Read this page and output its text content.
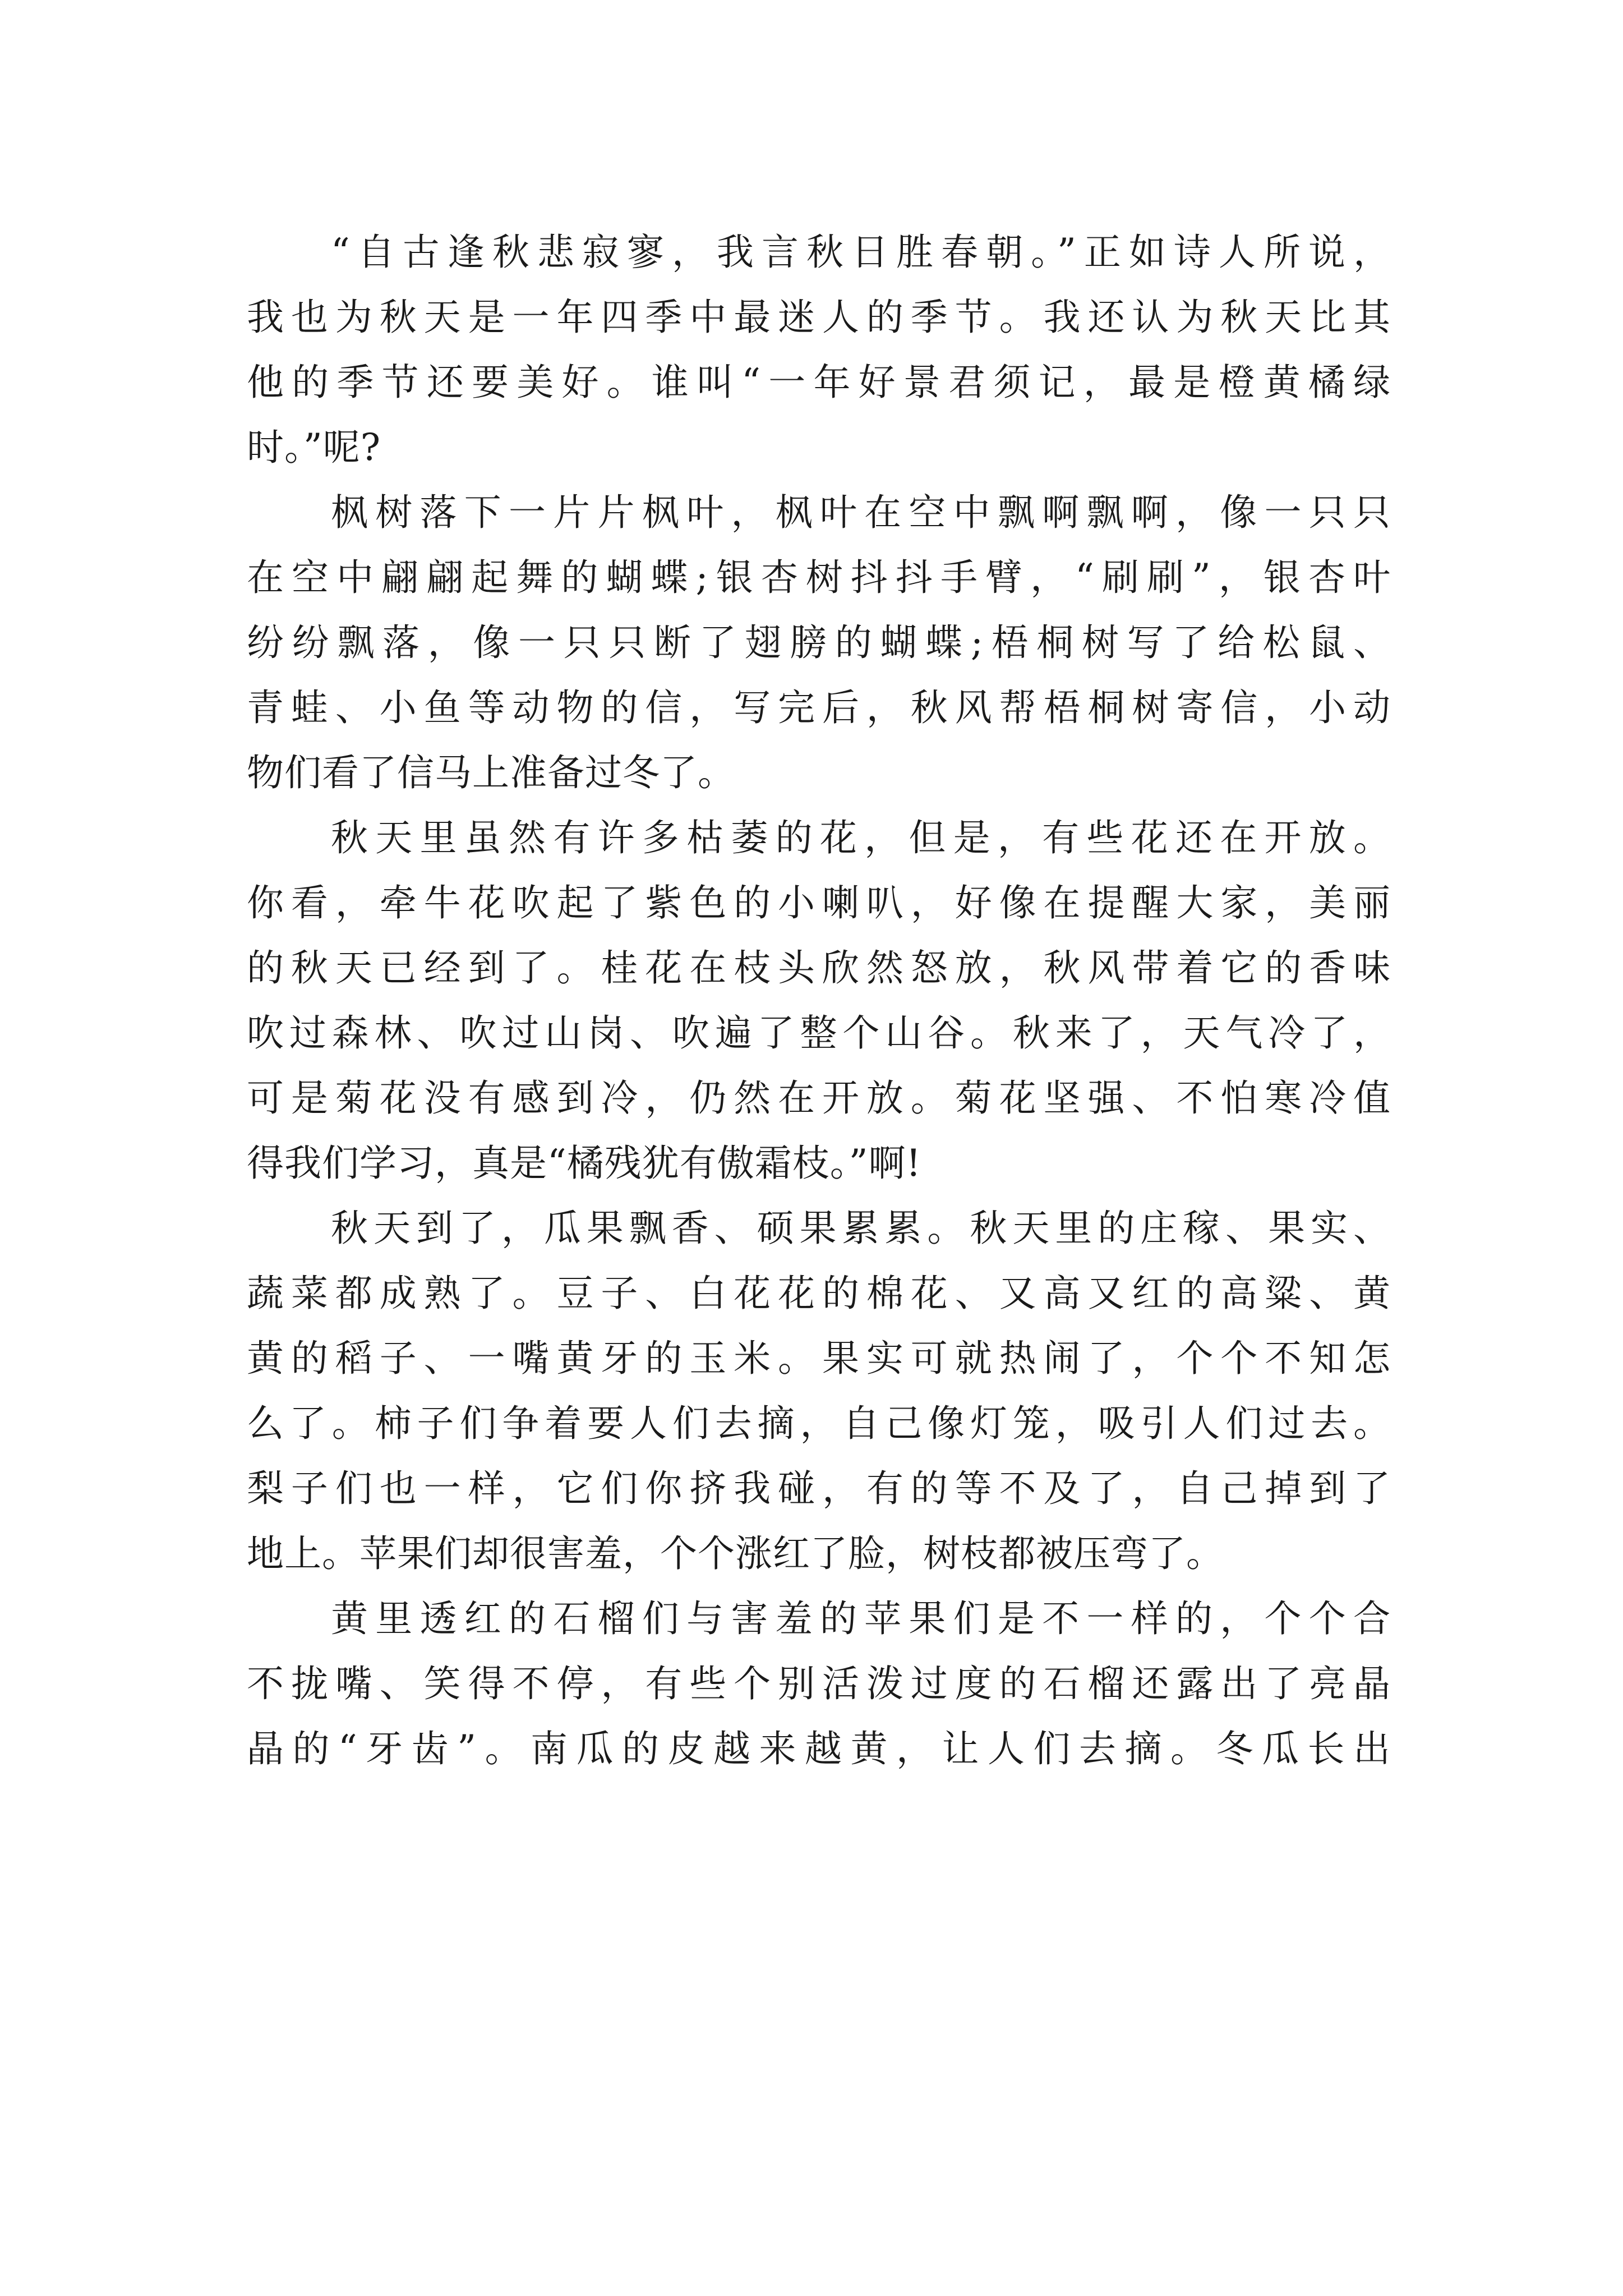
“自古逢秋悲寂寥，我言秋日胜春朝。”正如诗人所说，
我也为秋天是一年四季中最迷人的季节。我还认为秋天比其
他的季节还要美好。谁叫“一年好景君须记，最是橙黄橘绿
时。”呢?
枫树落下一片片枫叶，枫叶在空中飘啊飘啊，像一只只
在空中翩翩起舞的蝴蝶;银杏树抖抖手臂，“刷刷”，银杏叶
纷纷飘落，像一只只断了翅膀的蝴蝶;梧桐树写了给松鼠、
青蛙、小鱼等动物的信，写完后，秋风帮梧桐树寄信，小动
物们看了信马上准备过冬了。
秋天里虽然有许多枯萎的花，但是，有些花还在开放。
你看，牵牛花吹起了紫色的小喇叭，好像在提醒大家，美丽
的秋天已经到了。桂花在枝头欣然怒放，秋风带着它的香味
吹过森林、吹过山岗、吹遍了整个山谷。秋来了，天气冷了，
可是菊花没有感到冷，仍然在开放。菊花坚强、不怕寒冷值
得我们学习，真是“橘残犹有傲霜枝。”啊!
秋天到了，瓜果飘香、硕果累累。秋天里的庄稼、果实、
蔬菜都成熟了。豆子、白花花的棉花、又高又红的高粱、黄
黄的稻子、一嘴黄牙的玉米。果实可就热闹了，个个不知怎
么了。柿子们争着要人们去摘，自己像灯笼，吸引人们过去。
梨子们也一样，它们你挤我碰，有的等不及了，自己掉到了
地上。苹果们却很害羞，个个涨红了脸，树枝都被压弯了。
黄里透红的石榴们与害羞的苹果们是不一样的，个个合
不拢嘴、笑得不停，有些个别活泼过度的石榴还露出了亮晶
晶的“牙齿”。南瓜的皮越来越黄，让人们去摘。冬瓜长出
